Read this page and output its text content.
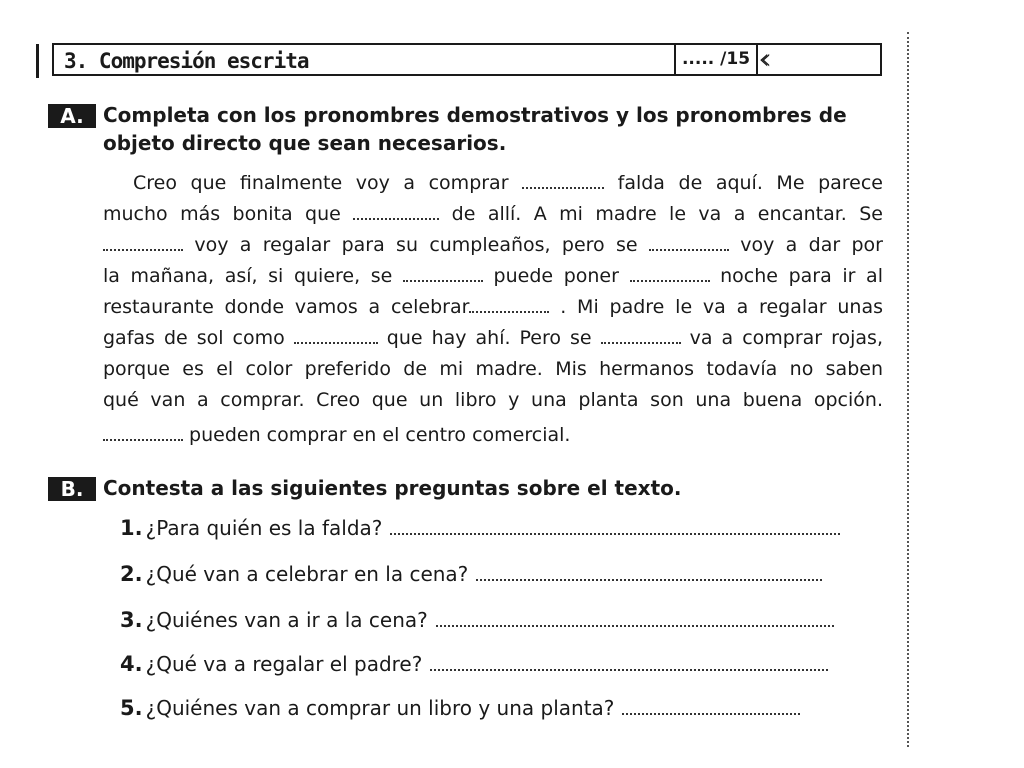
3. Compresión escrita	..... /15
A. Completa con los pronombres demostrativos y los pronombres de
objeto directo que sean necesarios.
Creo que finalmente voy a comprar	falda de aquí. Me parece
mucho más bonita que	de allí. A mi madre le va a encantar. Se
voy a regalar para su cumpleaños, pero se	voy a dar por
la mañana, así, si quiere, se	puede poner	noche para ir al
restaurante donde vamos a celebrar	. Mi padre le va a regalar unas
gafas de sol como	que hay ahí. Pero se	va a comprar rojas,
porque es el color preferido de mi madre. Mis hermanos todavía no saben
qué van a comprar. Creo que un libro y una planta son una buena opción.
pueden comprar en el centro comercial.
B. Contesta a las siguientes preguntas sobre el texto.
1. ¿Para quién es la falda?
2. ¿Qué van a celebrar en la cena?
3. ¿Quiénes van a ir a la cena?
4. ¿Qué va a regalar el padre?
5. ¿Quiénes van a comprar un libro y una planta?
